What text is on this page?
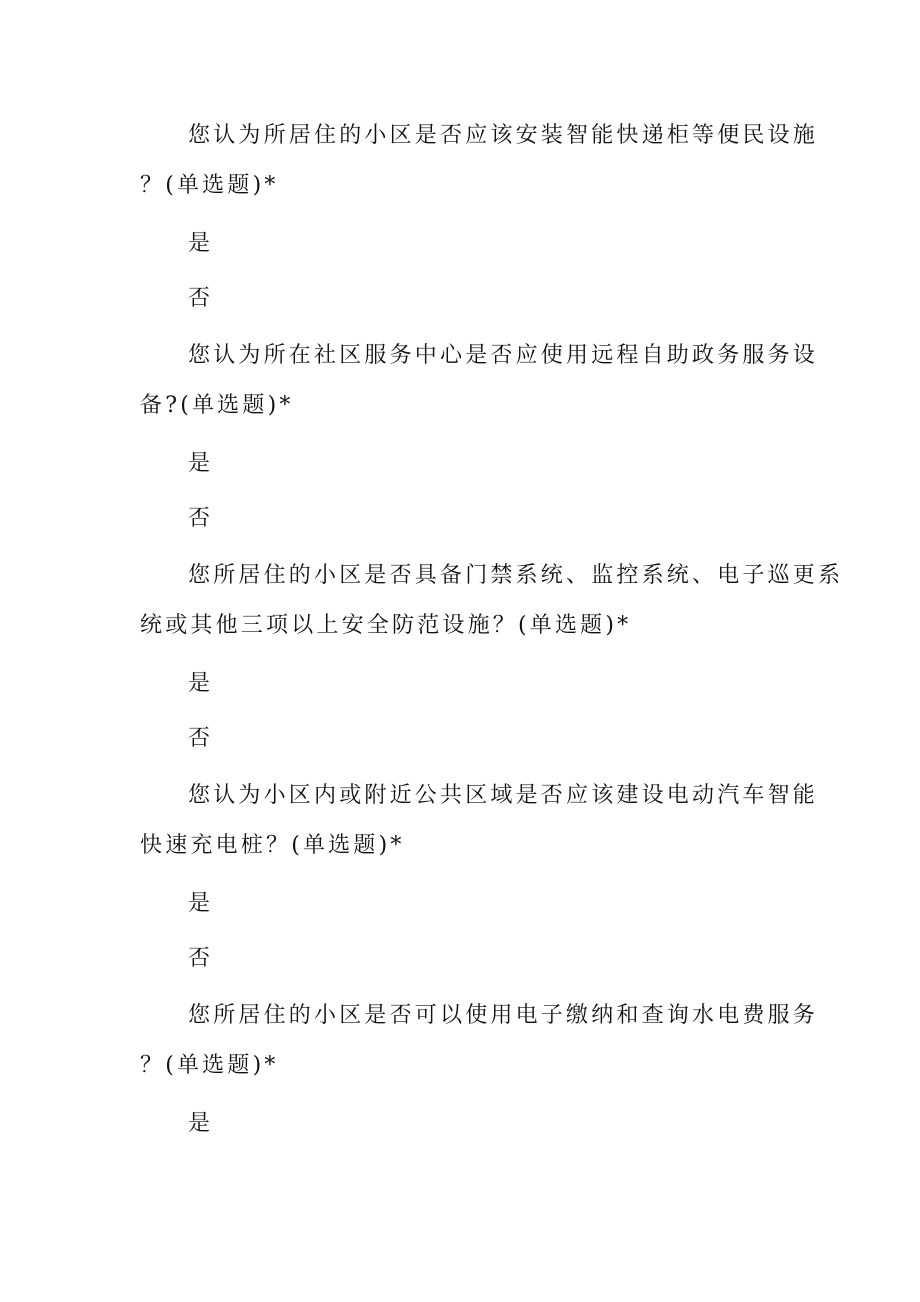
您认为所居住的小区是否应该安装智能快递柜等便民设施
？(单选题)*
是
否
您认为所在社区服务中心是否应使用远程自助政务服务设
备?(单选题)*
是
否
您所居住的小区是否具备门禁系统、监控系统、电子巡更系
统或其他三项以上安全防范设施？(单选题)*
是
否
您认为小区内或附近公共区域是否应该建设电动汽车智能
快速充电桩？(单选题)*
是
否
您所居住的小区是否可以使用电子缴纳和查询水电费服务
？(单选题)*
是
